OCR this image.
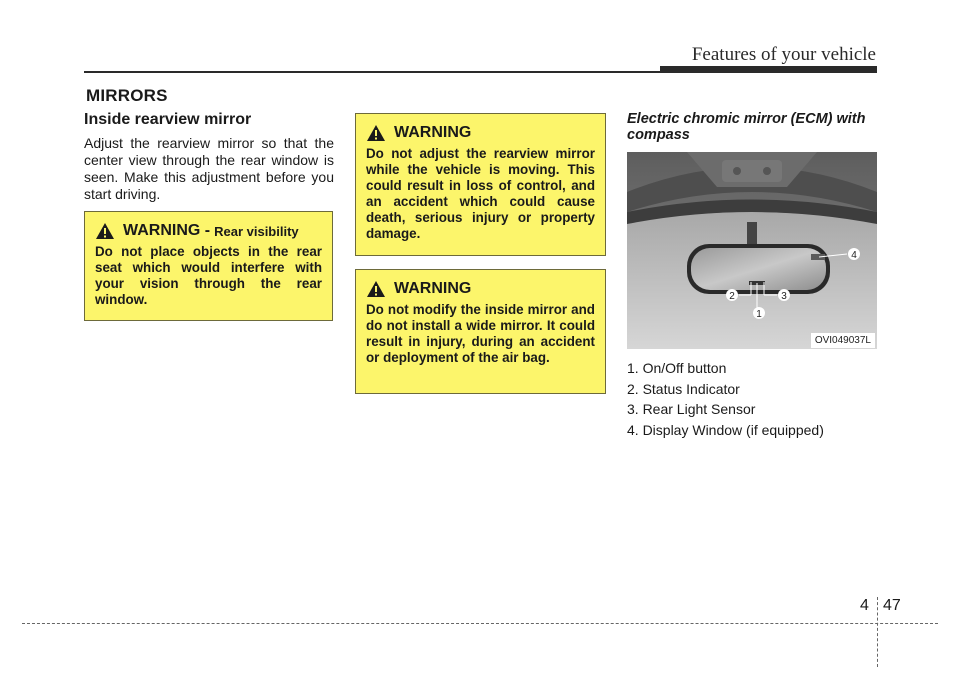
Features of your vehicle
MIRRORS
Inside rearview mirror
Adjust the rearview mirror so that the center view through the rear window is seen. Make this adjustment before you start driving.
WARNING - Rear visibility
Do not place objects in the rear seat which would interfere with your vision through the rear window.
WARNING
Do not adjust the rearview mirror while the vehicle is moving. This could result in loss of control, and an accident which could cause death, serious injury or property damage.
WARNING
Do not modify the inside mirror and do not install a wide mirror. It could result in injury, during an accident or deployment of the air bag.
Electric chromic mirror (ECM) with compass
1
2	3
4
OVI049037L
1. On/Off button
2. Status Indicator
3. Rear Light Sensor
4. Display Window (if equipped)
4 47
